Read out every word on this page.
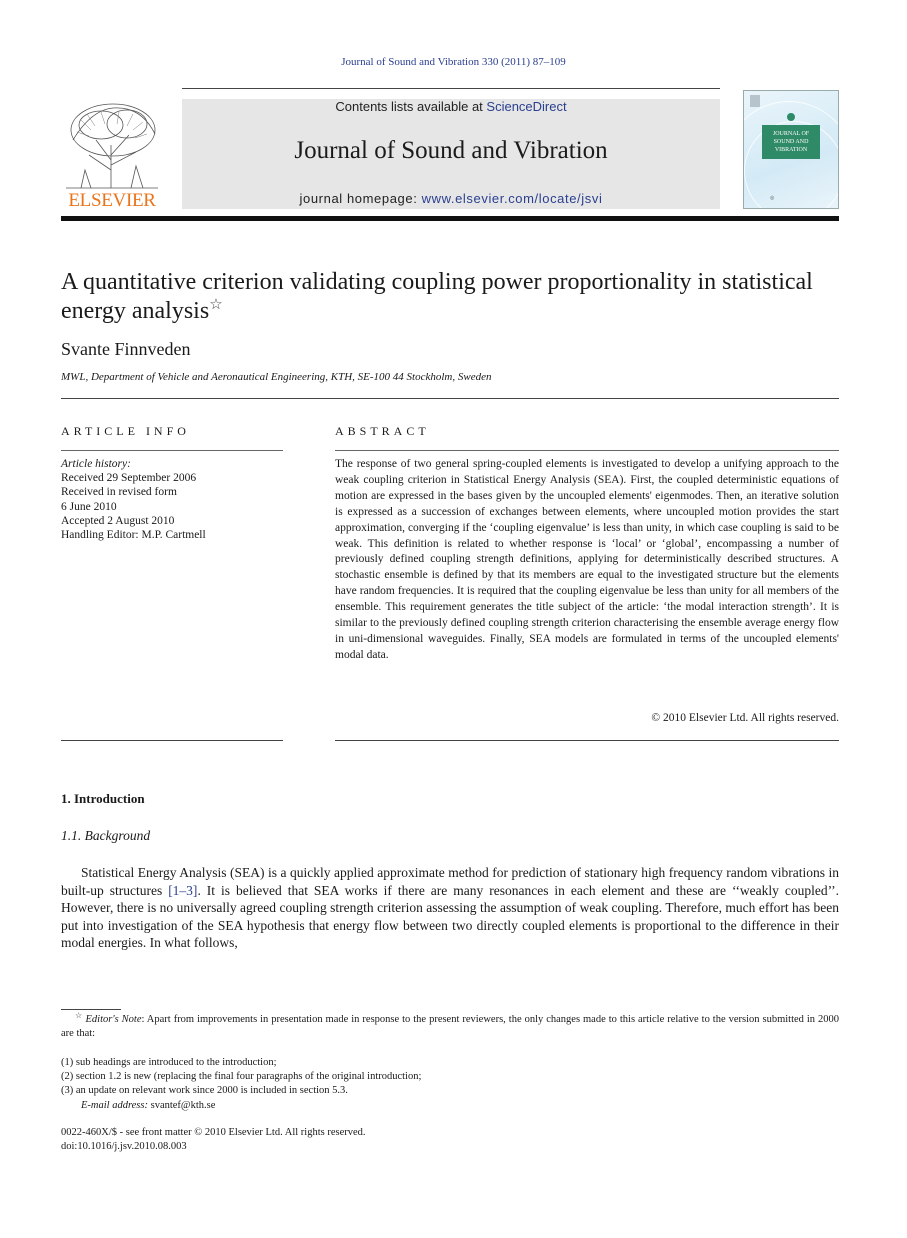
Journal of Sound and Vibration 330 (2011) 87–109
ELSEVIER
Contents lists available at ScienceDirect
Journal of Sound and Vibration
journal homepage: www.elsevier.com/locate/jsvi
JOURNAL OF SOUND AND VIBRATION
◎
A quantitative criterion validating coupling power proportionality in statistical energy analysis☆
Svante Finnveden
MWL, Department of Vehicle and Aeronautical Engineering, KTH, SE-100 44 Stockholm, Sweden
ARTICLE INFO	ABSTRACT
Article history:
Received 29 September 2006
Received in revised form
6 June 2010
Accepted 2 August 2010
Handling Editor: M.P. Cartmell
The response of two general spring-coupled elements is investigated to develop a unifying approach to the weak coupling criterion in Statistical Energy Analysis (SEA). First, the coupled deterministic equations of motion are expressed in the bases given by the uncoupled elements' eigenmodes. Then, an iterative solution is expressed as a succession of exchanges between elements, where uncoupled motion provides the start approximation, converging if the ‘coupling eigenvalue’ is less than unity, in which case coupling is said to be weak. This definition is related to whether response is ‘local’ or ‘global’, encompassing a number of previously defined coupling strength definitions, applying for deterministically described structures. A stochastic ensemble is defined by that its members are equal to the investigated structure but the elements have random frequencies. It is required that the coupling eigenvalue be less than unity for all members of the ensemble. This requirement generates the title subject of the article: ‘the modal interaction strength’. It is similar to the previously defined coupling strength criterion characterising the ensemble average energy flow in uni-dimensional waveguides. Finally, SEA models are formulated in terms of the uncoupled elements' modal data.
© 2010 Elsevier Ltd. All rights reserved.
1. Introduction
1.1. Background
Statistical Energy Analysis (SEA) is a quickly applied approximate method for prediction of stationary high frequency random vibrations in built-up structures [1–3]. It is believed that SEA works if there are many resonances in each element and these are ‘‘weakly coupled’’. However, there is no universally agreed coupling strength criterion assessing the assumption of weak coupling. Therefore, much effort has been put into investigation of the SEA hypothesis that energy flow between two directly coupled elements is proportional to the difference in their modal energies. In what follows,
☆ Editor's Note: Apart from improvements in presentation made in response to the present reviewers, the only changes made to this article relative to the version submitted in 2000 are that:
(1) sub headings are introduced to the introduction;
(2) section 1.2 is new (replacing the final four paragraphs of the original introduction;
(3) an update on relevant work since 2000 is included in section 5.3.
E-mail address: svantef@kth.se
0022-460X/$ - see front matter © 2010 Elsevier Ltd. All rights reserved.
doi:10.1016/j.jsv.2010.08.003
